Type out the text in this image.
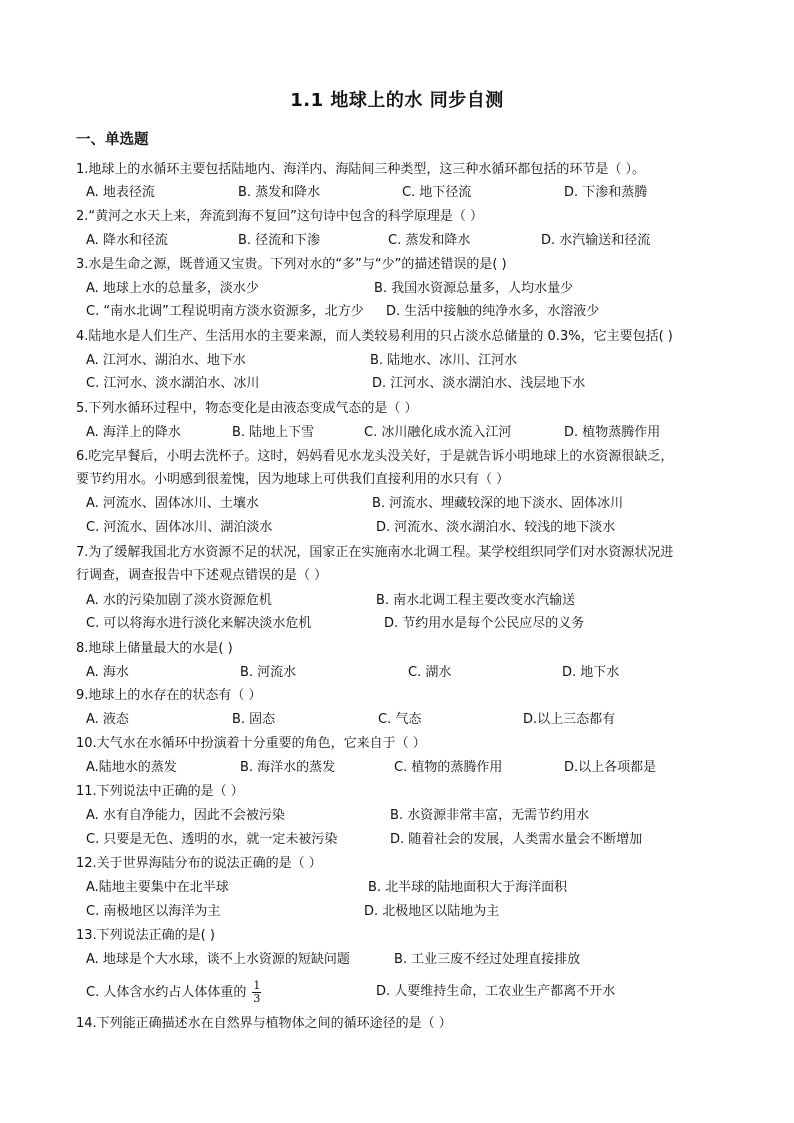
1.1 地球上的水 同步自测
一、单选题
1.地球上的水循环主要包括陆地内、海洋内、海陆间三种类型，这三种水循环都包括的环节是（ ）。
A. 地表径流	B. 蒸发和降水	C. 地下径流	D. 下渗和蒸腾
2.“黄河之水天上来，奔流到海不复回”这句诗中包含的科学原理是（ ）
A. 降水和径流	B. 径流和下渗	C. 蒸发和降水	D. 水汽输送和径流
3.水是生命之源，既普通又宝贵。下列对水的“多”与“少”的描述错误的是( )
A. 地球上水的总量多，淡水少	B. 我国水资源总量多，人均水量少
C. “南水北调”工程说明南方淡水资源多，北方少 D. 生活中接触的纯净水多，水溶液少
4.陆地水是人们生产、生活用水的主要来源，而人类较易利用的只占淡水总储量的 0.3%，它主要包括( )
A. 江河水、湖泊水、地下水	B. 陆地水、冰川、江河水
C. 江河水、淡水湖泊水、冰川	D. 江河水、淡水湖泊水、浅层地下水
5.下列水循环过程中，物态变化是由液态变成气态的是（ ）
A. 海洋上的降水	B. 陆地上下雪	C. 冰川融化成水流入江河	D. 植物蒸腾作用
6.吃完早餐后，小明去洗杯子。这时，妈妈看见水龙头没关好，于是就告诉小明地球上的水资源很缺乏，
要节约用水。小明感到很羞愧，因为地球上可供我们直接利用的水只有（ ）
A. 河流水、固体冰川、土壤水	B. 河流水、埋藏较深的地下淡水、固体冰川
C. 河流水、固体冰川、湖泊淡水	D. 河流水、淡水湖泊水、较浅的地下淡水
7.为了缓解我国北方水资源不足的状况，国家正在实施南水北调工程。某学校组织同学们对水资源状况进
行调查，调查报告中下述观点错误的是（ ）
A. 水的污染加剧了淡水资源危机	B. 南水北调工程主要改变水汽输送
C. 可以将海水进行淡化来解决淡水危机	D. 节约用水是每个公民应尽的义务
8.地球上储量最大的水是( )
A. 海水	B. 河流水	C. 湖水	D. 地下水
9.地球上的水存在的状态有（ ）
A. 液态	B. 固态	C. 气态	D.以上三态都有
10.大气水在水循环中扮演着十分重要的角色，它来自于（ ）
A.陆地水的蒸发	B. 海洋水的蒸发	C. 植物的蒸腾作用	D.以上各项都是
11.下列说法中正确的是（ ）
A. 水有自净能力，因此不会被污染	B. 水资源非常丰富，无需节约用水
C. 只要是无色、透明的水，就一定未被污染	D. 随着社会的发展，人类需水量会不断增加
12.关于世界海陆分布的说法正确的是（ ）
A.陆地主要集中在北半球	B. 北半球的陆地面积大于海洋面积
C. 南极地区以海洋为主	D. 北极地区以陆地为主
13.下列说法正确的是( )
A. 地球是个大水球，谈不上水资源的短缺问题	B. 工业三废不经过处理直接排放
C. 人体含水约占人体体重的 $\frac{1}{3}$	D. 人要维持生命，工农业生产都离不开水
14.下列能正确描述水在自然界与植物体之间的循环途径的是（ ）
